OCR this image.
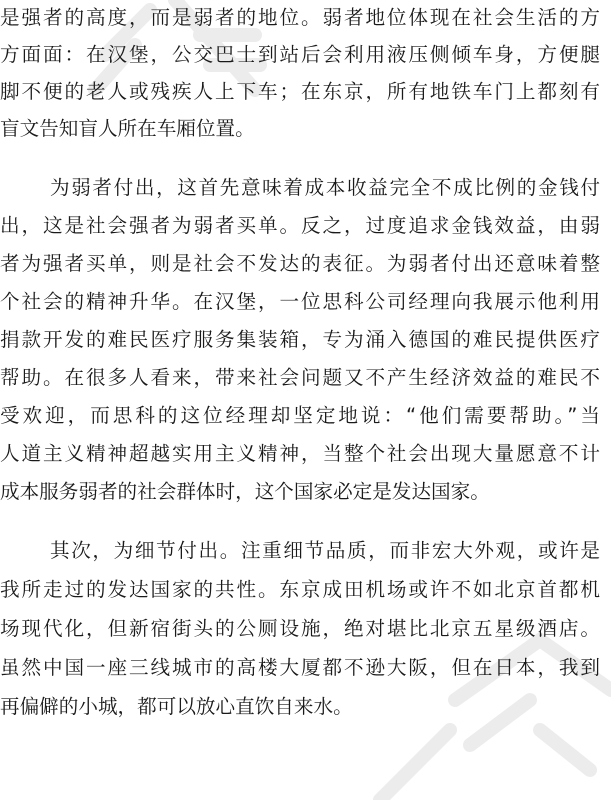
是强者的高度，而是弱者的地位。弱者地位体现在社会生活的方
方面面：在汉堡，公交巴士到站后会利用液压侧倾车身，方便腿
脚不便的老人或残疾人上下车；在东京，所有地铁车门上都刻有
盲文告知盲人所在车厢位置。
为弱者付出，这首先意味着成本收益完全不成比例的金钱付
出，这是社会强者为弱者买单。反之，过度追求金钱效益，由弱
者为强者买单，则是社会不发达的表征。为弱者付出还意味着整
个社会的精神升华。在汉堡，一位思科公司经理向我展示他利用
捐款开发的难民医疗服务集装箱，专为涌入德国的难民提供医疗
帮助。在很多人看来，带来社会问题又不产生经济效益的难民不
受欢迎，而思科的这位经理却坚定地说：“他们需要帮助。”当
人道主义精神超越实用主义精神，当整个社会出现大量愿意不计
成本服务弱者的社会群体时，这个国家必定是发达国家。
其次，为细节付出。注重细节品质，而非宏大外观，或许是
我所走过的发达国家的共性。东京成田机场或许不如北京首都机
场现代化，但新宿街头的公厕设施，绝对堪比北京五星级酒店。
虽然中国一座三线城市的高楼大厦都不逊大阪，但在日本，我到
再偏僻的小城，都可以放心直饮自来水。
